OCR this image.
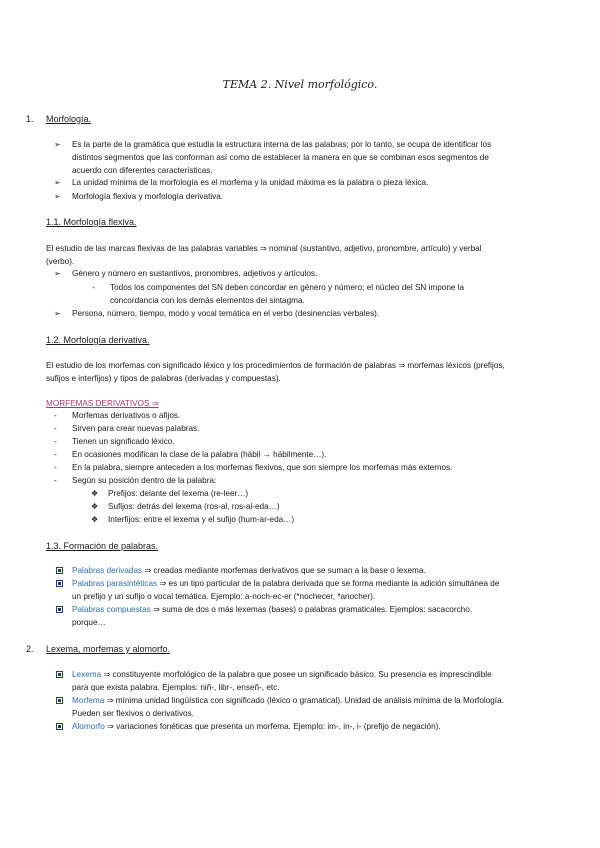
TEMA 2. Nivel morfológico.
1. Morfología.
➢ Es la parte de la gramática que estudia la estructura interna de las palabras; por lo tanto, se ocupa de identificar los
distintos segmentos que las conforman así como de establecer la manera en que se combinan esos segmentos de
acuerdo con diferentes características.
➢ La unidad mínima de la morfología es el morfema y la unidad máxima es la palabra o pieza léxica.
➢ Morfología flexiva y morfología derivativa.
1.1. Morfología flexiva.
El estudio de las marcas flexivas de las palabras variables ⇒ nominal (sustantivo, adjetivo, pronombre, artículo) y verbal
(verbo).
➢ Género y número en sustantivos, pronombres, adjetivos y artículos.
- Todos los componentes del SN deben concordar en género y número; el núcleo del SN impone la
concordancia con los demás elementos del sintagma.
➢ Persona, número, tiempo, modo y vocal temática en el verbo (desinencias verbales).
1.2. Morfología derivativa.
El estudio de los morfemas con significado léxico y los procedimientos de formación de palabras ⇒ morfemas léxicos (prefijos,
sufijos e interfijos) y tipos de palabras (derivadas y compuestas).
MORFEMAS DERIVATIVOS ⇒
- Morfemas derivativos o afijos.
- Sirven para crear nuevas palabras.
- Tienen un significado léxico.
- En ocasiones modifican la clase de la palabra (hábil → hábilmente…).
- En la palabra, siempre anteceden a los morfemas flexivos, que son siempre los morfemas más externos.
- Según su posición dentro de la palabra:
❖ Prefijos: delante del lexema (re-leer…)
❖ Sufijos: detrás del lexema (ros-al, ros-al-eda…)
❖ Interfijos: entre el lexema y el sufijo (hum-ar-eda…)
1.3. Formación de palabras.
Palabras derivadas ⇒ creadas mediante morfemas derivativos que se suman a la base o lexema.
Palabras parasintéticas ⇒ es un tipo particular de la palabra derivada que se forma mediante la adición simultánea de
un prefijo y un sufijo o vocal temática. Ejemplo: a-noch-ec-er (*nochecer, *anocher).
Palabras compuestas ⇒ suma de dos o más lexemas (bases) o palabras gramaticales. Ejemplos: sacacorcho,
porque…
2. Lexema, morfemas y alomorfo.
Lexema ⇒ constituyente morfológico de la palabra que posee un significado básico. Su presencia es imprescindible
para que exista palabra. Ejemplos: niñ-, libr-, enseñ-, etc.
Morfema ⇒ mínima unidad lingüística con significado (léxico o gramatical). Unidad de análisis mínima de la Morfología.
Pueden ser flexivos o derivativos.
Alomorfo ⇒ variaciones fonéticas que presenta un morfema. Ejemplo: im-, in-, i- (prefijo de negación).
